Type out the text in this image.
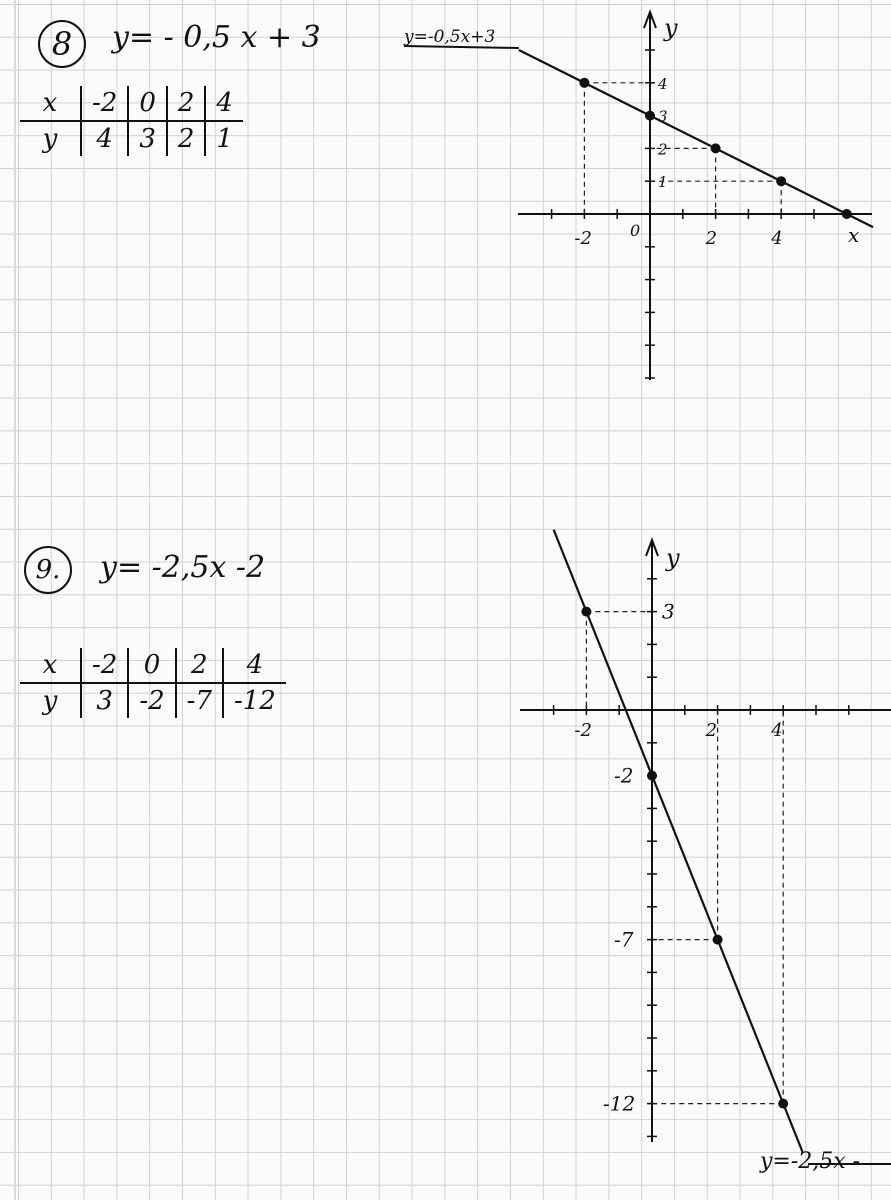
8 y= - 0,5 x + 3
x	-2	0	2	4
y	4	3	2	1
y
x
0
-2	2	4
4
3
2
1
y=-0,5x+3
9. y= -2,5x -2
x	-2	0	2	4
y	3	-2	-7	-12
y
-2	2	4
3
-2
-7
-12
y=-2,5x -
